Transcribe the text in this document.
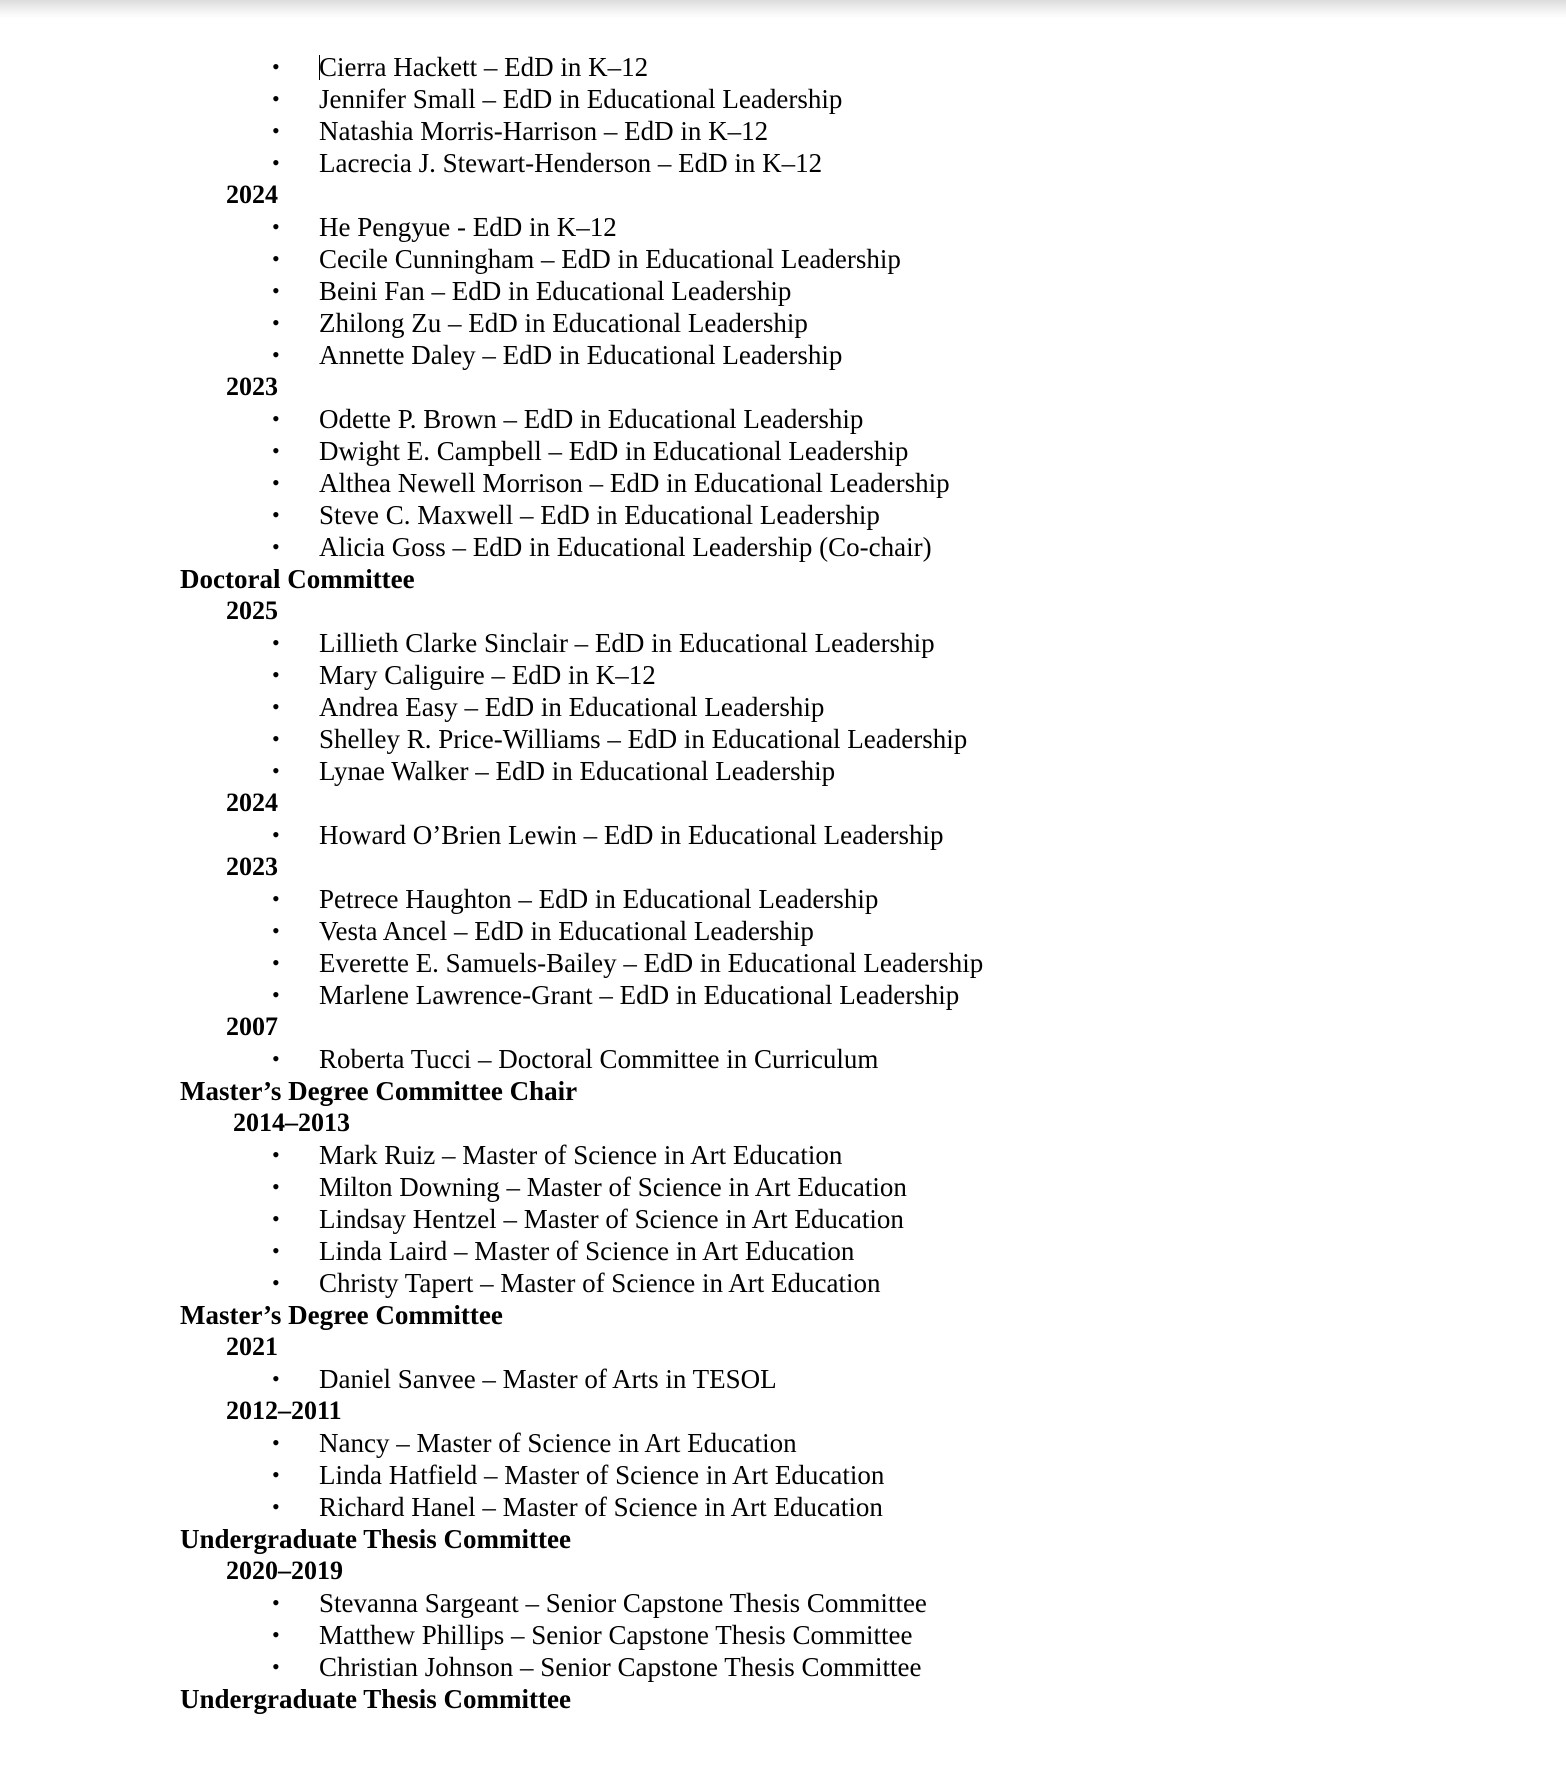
• Cierra Hackett – EdD in K–12
• Jennifer Small – EdD in Educational Leadership
• Natashia Morris-Harrison – EdD in K–12
• Lacrecia J. Stewart-Henderson – EdD in K–12
2024
• He Pengyue - EdD in K–12
• Cecile Cunningham – EdD in Educational Leadership
• Beini Fan – EdD in Educational Leadership
• Zhilong Zu – EdD in Educational Leadership
• Annette Daley – EdD in Educational Leadership
2023
• Odette P. Brown – EdD in Educational Leadership
• Dwight E. Campbell – EdD in Educational Leadership
• Althea Newell Morrison – EdD in Educational Leadership
• Steve C. Maxwell – EdD in Educational Leadership
• Alicia Goss – EdD in Educational Leadership (Co-chair)
Doctoral Committee
2025
• Lillieth Clarke Sinclair – EdD in Educational Leadership
• Mary Caliguire – EdD in K–12
• Andrea Easy – EdD in Educational Leadership
• Shelley R. Price-Williams – EdD in Educational Leadership
• Lynae Walker – EdD in Educational Leadership
2024
• Howard O’Brien Lewin – EdD in Educational Leadership
2023
• Petrece Haughton – EdD in Educational Leadership
• Vesta Ancel – EdD in Educational Leadership
• Everette E. Samuels-Bailey – EdD in Educational Leadership
• Marlene Lawrence-Grant – EdD in Educational Leadership
2007
• Roberta Tucci – Doctoral Committee in Curriculum
Master’s Degree Committee Chair
2014–2013
• Mark Ruiz – Master of Science in Art Education
• Milton Downing – Master of Science in Art Education
• Lindsay Hentzel – Master of Science in Art Education
• Linda Laird – Master of Science in Art Education
• Christy Tapert – Master of Science in Art Education
Master’s Degree Committee
2021
• Daniel Sanvee – Master of Arts in TESOL
2012–2011
• Nancy – Master of Science in Art Education
• Linda Hatfield – Master of Science in Art Education
• Richard Hanel – Master of Science in Art Education
Undergraduate Thesis Committee
2020–2019
• Stevanna Sargeant – Senior Capstone Thesis Committee
• Matthew Phillips – Senior Capstone Thesis Committee
• Christian Johnson – Senior Capstone Thesis Committee
Undergraduate Thesis Committee
